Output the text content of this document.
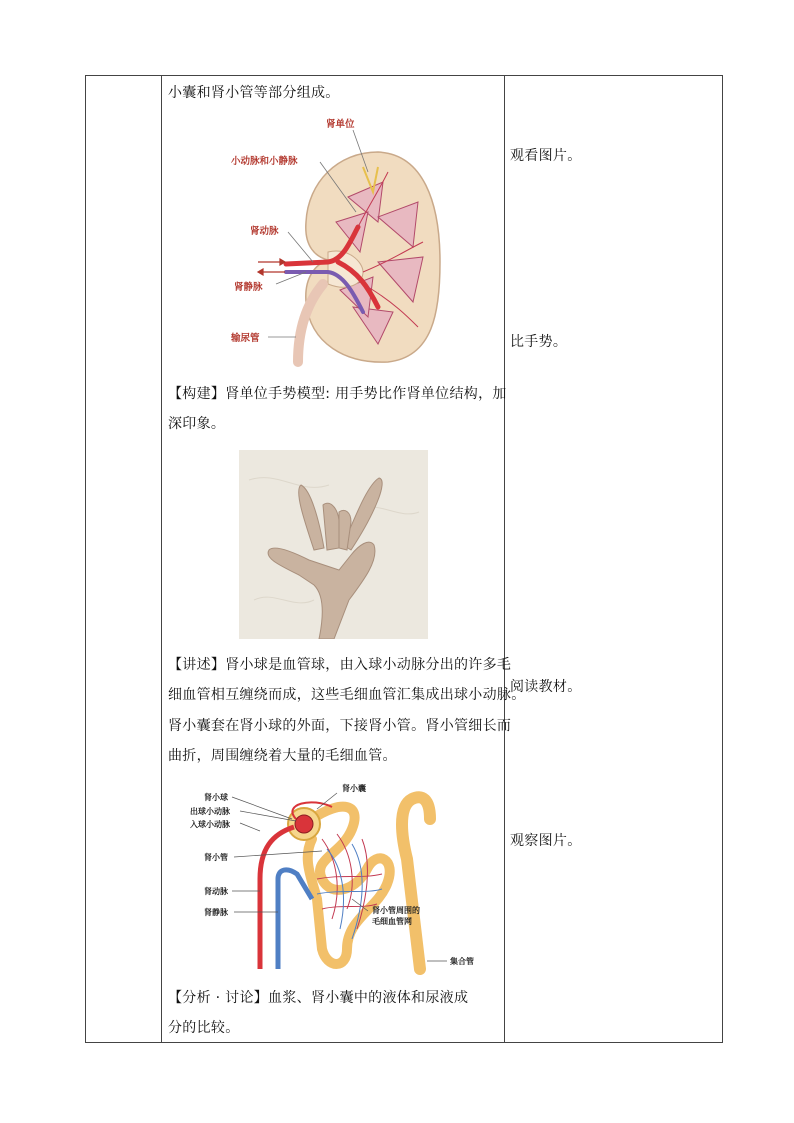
小囊和肾小管等部分组成。
肾单位
小动脉和小静脉
肾动脉
肾静脉
输尿管
【构建】肾单位手势模型: 用手势比作肾单位结构，加
深印象。
【讲述】肾小球是血管球，由入球小动脉分出的许多毛
细血管相互缠绕而成，这些毛细血管汇集成出球小动脉。
肾小囊套在肾小球的外面，下接肾小管。肾小管细长而
曲折，周围缠绕着大量的毛细血管。
肾小球
出球小动脉
入球小动脉
肾小管
肾动脉
肾静脉
肾小囊
肾小管周围的
毛细血管网
集合管
【分析 · 讨论】血浆、肾小囊中的液体和尿液成
分的比较。
观看图片。
比手势。
阅读教材。
观察图片。
